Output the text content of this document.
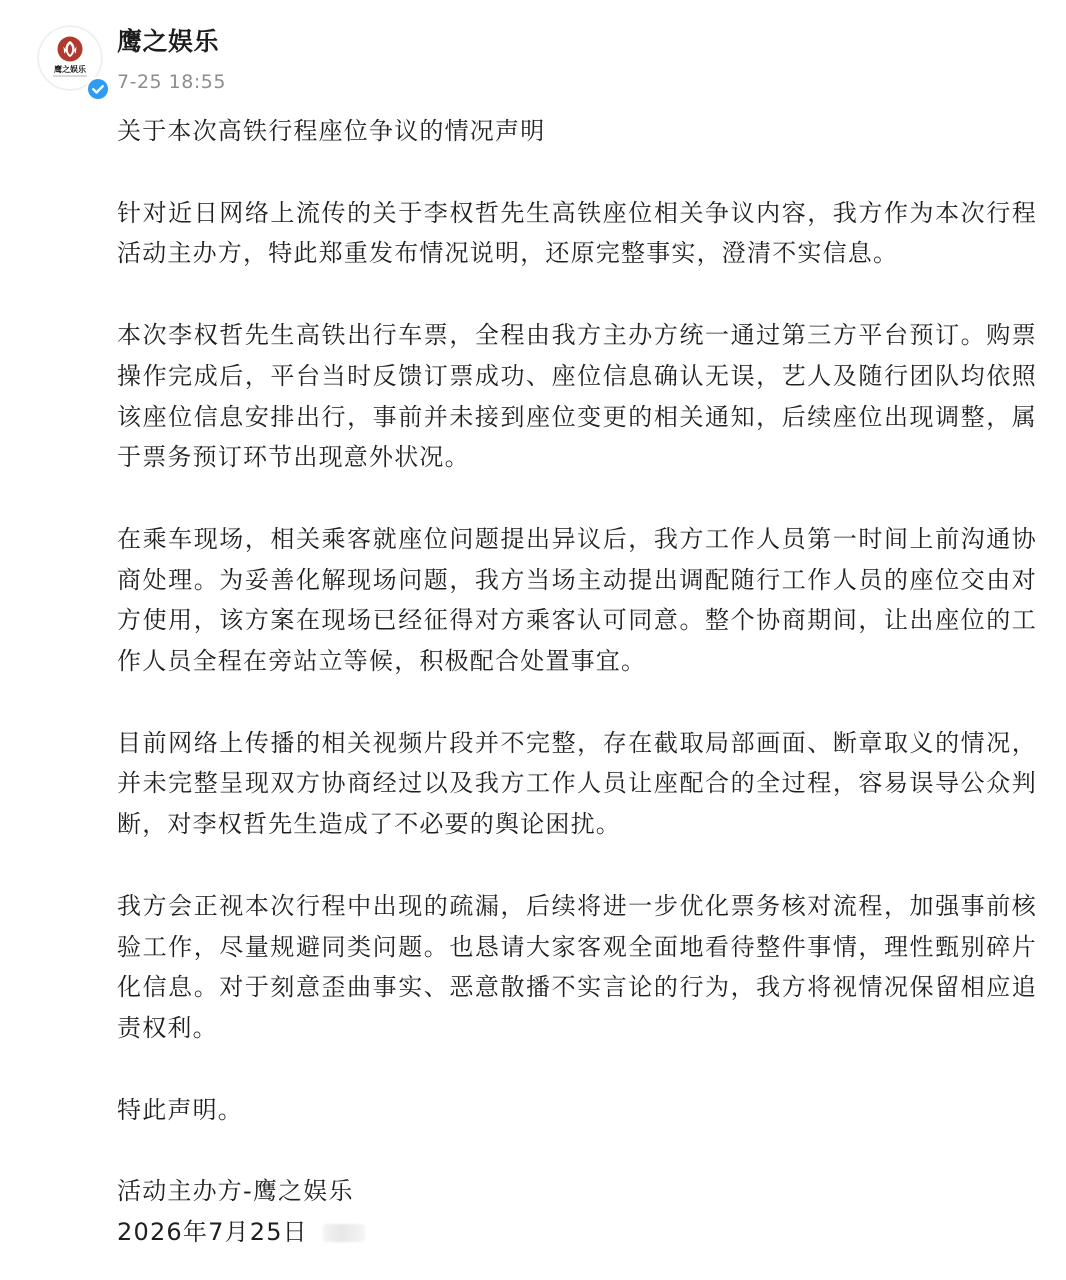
鹰之娱乐
鹰之娱乐
7-25 18:55

关于本次高铁行程座位争议的情况声明

针对近日网络上流传的关于李权哲先生高铁座位相关争议内容，我方作为本次行程活动主办方，特此郑重发布情况说明，还原完整事实，澄清不实信息。

本次李权哲先生高铁出行车票，全程由我方主办方统一通过第三方平台预订。购票操作完成后，平台当时反馈订票成功、座位信息确认无误，艺人及随行团队均依照该座位信息安排出行，事前并未接到座位变更的相关通知，后续座位出现调整，属于票务预订环节出现意外状况。

在乘车现场，相关乘客就座位问题提出异议后，我方工作人员第一时间上前沟通协商处理。为妥善化解现场问题，我方当场主动提出调配随行工作人员的座位交由对方使用，该方案在现场已经征得对方乘客认可同意。整个协商期间，让出座位的工作人员全程在旁站立等候，积极配合处置事宜。

目前网络上传播的相关视频片段并不完整，存在截取局部画面、断章取义的情况，并未完整呈现双方协商经过以及我方工作人员让座配合的全过程，容易误导公众判断，对李权哲先生造成了不必要的舆论困扰。

我方会正视本次行程中出现的疏漏，后续将进一步优化票务核对流程，加强事前核验工作，尽量规避同类问题。也恳请大家客观全面地看待整件事情，理性甄别碎片化信息。对于刻意歪曲事实、恶意散播不实言论的行为，我方将视情况保留相应追责权利。

特此声明。

活动主办方-鹰之娱乐
2026年7月25日
